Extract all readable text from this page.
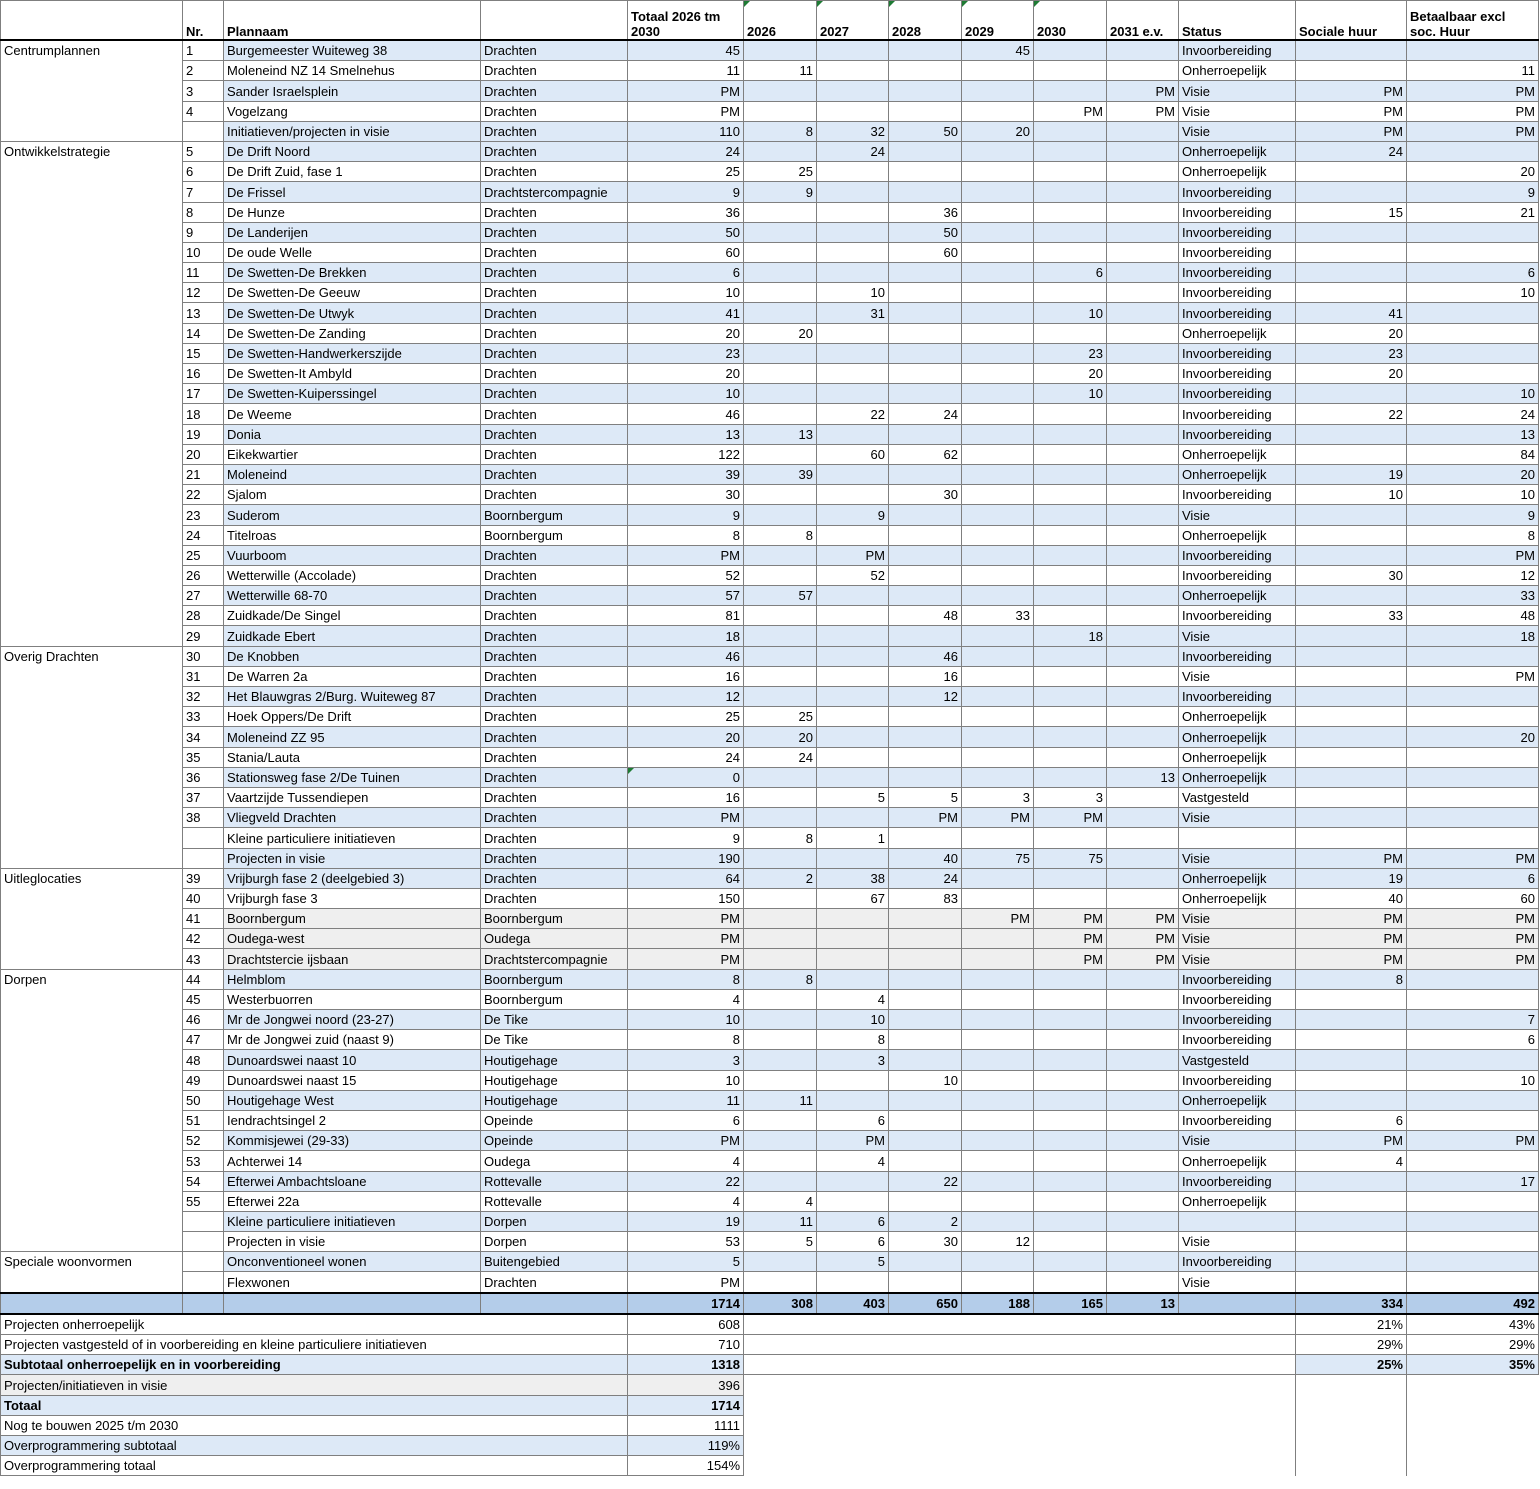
	Nr.	Plannaam		Totaal 2026 tm 2030	2026	2027	2028	2029	2030	2031 e.v.	Status	Sociale huur	Betaalbaar excl soc. Huur
Centrumplannen	1	Burgemeester Wuiteweg 38	Drachten	45				45			Invoorbereiding		
	2	Moleneind NZ 14 Smelnehus	Drachten	11	11						Onherroepelijk		11
	3	Sander Israelsplein	Drachten	PM						PM	Visie	PM	PM
	4	Vogelzang	Drachten	PM					PM	PM	Visie	PM	PM
		Initiatieven/projecten in visie	Drachten	110	8	32	50	20			Visie	PM	PM
Ontwikkelstrategie	5	De Drift Noord	Drachten	24		24					Onherroepelijk	24	
	6	De Drift Zuid, fase 1	Drachten	25	25						Onherroepelijk		20
	7	De Frissel	Drachtstercompagnie	9	9						Invoorbereiding		9
	8	De Hunze	Drachten	36			36				Invoorbereiding	15	21
	9	De Landerijen	Drachten	50			50				Invoorbereiding		
	10	De oude Welle	Drachten	60			60				Invoorbereiding		
	11	De Swetten-De Brekken	Drachten	6					6		Invoorbereiding		6
	12	De Swetten-De Geeuw	Drachten	10		10					Invoorbereiding		10
	13	De Swetten-De Utwyk	Drachten	41		31			10		Invoorbereiding	41	
	14	De Swetten-De Zanding	Drachten	20	20						Onherroepelijk	20	
	15	De Swetten-Handwerkerszijde	Drachten	23					23		Invoorbereiding	23	
	16	De Swetten-It Ambyld	Drachten	20					20		Invoorbereiding	20	
	17	De Swetten-Kuiperssingel	Drachten	10					10		Invoorbereiding		10
	18	De Weeme	Drachten	46		22	24				Invoorbereiding	22	24
	19	Donia	Drachten	13	13						Invoorbereiding		13
	20	Eikekwartier	Drachten	122		60	62				Onherroepelijk		84
	21	Moleneind	Drachten	39	39						Onherroepelijk	19	20
	22	Sjalom	Drachten	30			30				Invoorbereiding	10	10
	23	Suderom	Boornbergum	9		9					Visie		9
	24	Titelroas	Boornbergum	8	8						Onherroepelijk		8
	25	Vuurboom	Drachten	PM		PM					Invoorbereiding		PM
	26	Wetterwille (Accolade)	Drachten	52		52					Invoorbereiding	30	12
	27	Wetterwille 68-70	Drachten	57	57						Onherroepelijk		33
	28	Zuidkade/De Singel	Drachten	81			48	33			Invoorbereiding	33	48
	29	Zuidkade Ebert	Drachten	18					18		Visie		18
Overig Drachten	30	De Knobben	Drachten	46			46				Invoorbereiding		
	31	De Warren 2a	Drachten	16			16				Visie		PM
	32	Het Blauwgras 2/Burg. Wuiteweg 87	Drachten	12			12				Invoorbereiding		
	33	Hoek Oppers/De Drift	Drachten	25	25						Onherroepelijk		
	34	Moleneind ZZ 95	Drachten	20	20						Onherroepelijk		20
	35	Stania/Lauta	Drachten	24	24						Onherroepelijk		
	36	Stationsweg fase 2/De Tuinen	Drachten	0						13	Onherroepelijk		
	37	Vaartzijde Tussendiepen	Drachten	16		5	5	3	3		Vastgesteld		
	38	Vliegveld Drachten	Drachten	PM			PM	PM	PM		Visie		
		Kleine particuliere initiatieven	Drachten	9	8	1							
		Projecten in visie	Drachten	190			40	75	75		Visie	PM	PM
Uitleglocaties	39	Vrijburgh fase 2 (deelgebied 3)	Drachten	64	2	38	24				Onherroepelijk	19	6
	40	Vrijburgh fase 3	Drachten	150		67	83				Onherroepelijk	40	60
	41	Boornbergum	Boornbergum	PM				PM	PM	PM	Visie	PM	PM
	42	Oudega-west	Oudega	PM					PM	PM	Visie	PM	PM
	43	Drachtstercie ijsbaan	Drachtstercompagnie	PM					PM	PM	Visie	PM	PM
Dorpen	44	Helmblom	Boornbergum	8	8						Invoorbereiding	8	
	45	Westerbuorren	Boornbergum	4		4					Invoorbereiding		
	46	Mr de Jongwei noord (23-27)	De Tike	10		10					Invoorbereiding		7
	47	Mr de Jongwei zuid (naast 9)	De Tike	8		8					Invoorbereiding		6
	48	Dunoardswei naast 10	Houtigehage	3		3					Vastgesteld		
	49	Dunoardswei naast 15	Houtigehage	10			10				Invoorbereiding		10
	50	Houtigehage West	Houtigehage	11	11						Onherroepelijk		
	51	Iendrachtsingel 2	Opeinde	6		6					Invoorbereiding	6	
	52	Kommisjewei (29-33)	Opeinde	PM		PM					Visie	PM	PM
	53	Achterwei 14	Oudega	4		4					Onherroepelijk	4	
	54	Efterwei Ambachtsloane	Rottevalle	22			22				Invoorbereiding		17
	55	Efterwei 22a	Rottevalle	4	4						Onherroepelijk		
		Kleine particuliere initiatieven	Dorpen	19	11	6	2						
		Projecten in visie	Dorpen	53	5	6	30	12			Visie		
Speciale woonvormen		Onconventioneel wonen	Buitengebied	5		5					Invoorbereiding		
		Flexwonen	Drachten	PM							Visie		
				1714	308	403	650	188	165	13		334	492
Projecten onherroepelijk				608								21%	43%
Projecten vastgesteld of in voorbereiding en kleine particuliere initiatieven				710								29%	29%
Subtotaal onherroepelijk en in voorbereiding				1318								25%	35%
Projecten/initiatieven in visie				396									
Totaal				1714									
Nog te bouwen 2025 t/m 2030				1111									
Overprogrammering subtotaal				119%									
Overprogrammering totaal				154%									
